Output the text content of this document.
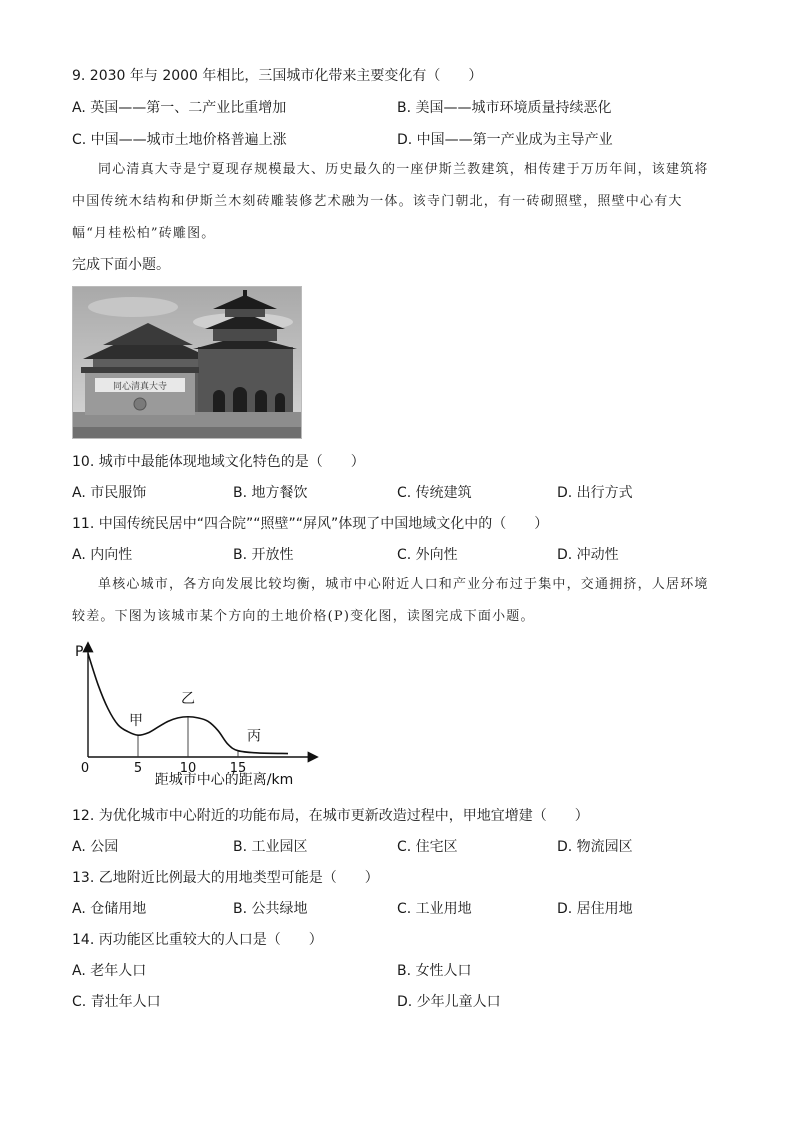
9. 2030 年与 2000 年相比，三国城市化带来主要变化有（　　）
A. 英国——第一、二产业比重增加	B. 美国——城市环境质量持续恶化
C. 中国——城市土地价格普遍上涨	D. 中国——第一产业成为主导产业
同心清真大寺是宁夏现存规模最大、历史最久的一座伊斯兰教建筑，相传建于万历年间，该建筑将中国传统木结构和伊斯兰木刻砖雕装修艺术融为一体。该寺门朝北，有一砖砌照壁，照壁中心有大幅“月桂松柏”砖雕图。
完成下面小题。
同心清真大寺
10. 城市中最能体现地域文化特色的是（　　）
A. 市民服饰	B. 地方餐饮	C. 传统建筑	D. 出行方式
11. 中国传统民居中“四合院”“照壁”“屏风”体现了中国地域文化中的（　　）
A. 内向性	B. 开放性	C. 外向性	D. 冲动性
单核心城市，各方向发展比较均衡，城市中心附近人口和产业分布过于集中，交通拥挤，人居环境较差。下图为该城市某个方向的土地价格(P)变化图，读图完成下面小题。
P
距城市中心的距离/km
0	5	10	15
甲
乙
丙
12. 为优化城市中心附近的功能布局，在城市更新改造过程中，甲地宜增建（　　）
A. 公园	B. 工业园区	C. 住宅区	D. 物流园区
13. 乙地附近比例最大的用地类型可能是（　　）
A. 仓储用地	B. 公共绿地	C. 工业用地	D. 居住用地
14. 丙功能区比重较大的人口是（　　）
A. 老年人口	B. 女性人口
C. 青壮年人口	D. 少年儿童人口
